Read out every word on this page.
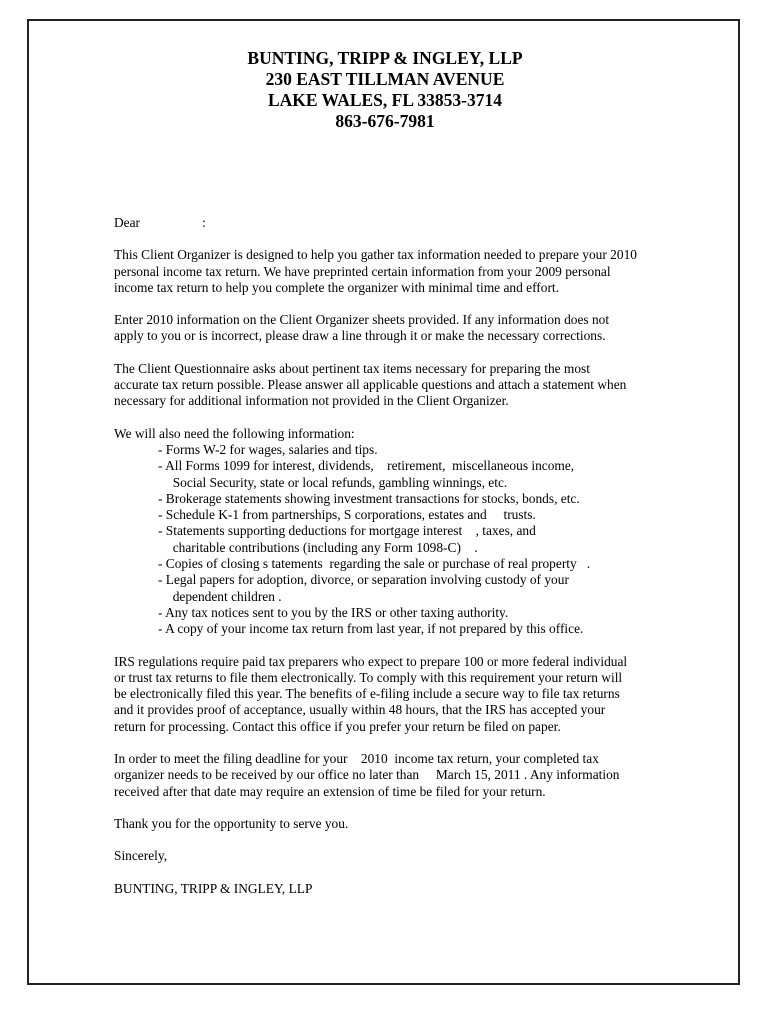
BUNTING, TRIPP & INGLEY, LLP
230 EAST TILLMAN AVENUE
LAKE WALES, FL 33853-3714
863-676-7981

Dear	:

This Client Organizer is designed to help you gather tax information needed to prepare your 2010
personal income tax return. We have preprinted certain information from your 2009 personal
income tax return to help you complete the organizer with minimal time and effort.

Enter 2010 information on the Client Organizer sheets provided. If any information does not
apply to you or is incorrect, please draw a line through it or make the necessary corrections.

The Client Questionnaire asks about pertinent tax items necessary for preparing the most
accurate tax return possible. Please answer all applicable questions and attach a statement when
necessary for additional information not provided in the Client Organizer.

We will also need the following information:

- Forms W-2 for wages, salaries and tips.
- All Forms 1099 for interest, dividends,    retirement,  miscellaneous income,
Social Security, state or local refunds, gambling winnings, etc.
- Brokerage statements showing investment transactions for stocks, bonds, etc.
- Schedule K-1 from partnerships, S corporations, estates and     trusts.
- Statements supporting deductions for mortgage interest    , taxes, and
charitable contributions (including any Form 1098-C)    .
- Copies of closing s tatements  regarding the sale or purchase of real property   .
- Legal papers for adoption, divorce, or separation involving custody of your
dependent children .
- Any tax notices sent to you by the IRS or other taxing authority.
- A copy of your income tax return from last year, if not prepared by this office.

IRS regulations require paid tax preparers who expect to prepare 100 or more federal individual
or trust tax returns to file them electronically. To comply with this requirement your return will
be electronically filed this year. The benefits of e-filing include a secure way to file tax returns
and it provides proof of acceptance, usually within 48 hours, that the IRS has accepted your
return for processing. Contact this office if you prefer your return be filed on paper.

In order to meet the filing deadline for your    2010  income tax return, your completed tax
organizer needs to be received by our office no later than     March 15, 2011 . Any information
received after that date may require an extension of time be filed for your return.

Thank you for the opportunity to serve you.

Sincerely,

BUNTING, TRIPP & INGLEY, LLP
